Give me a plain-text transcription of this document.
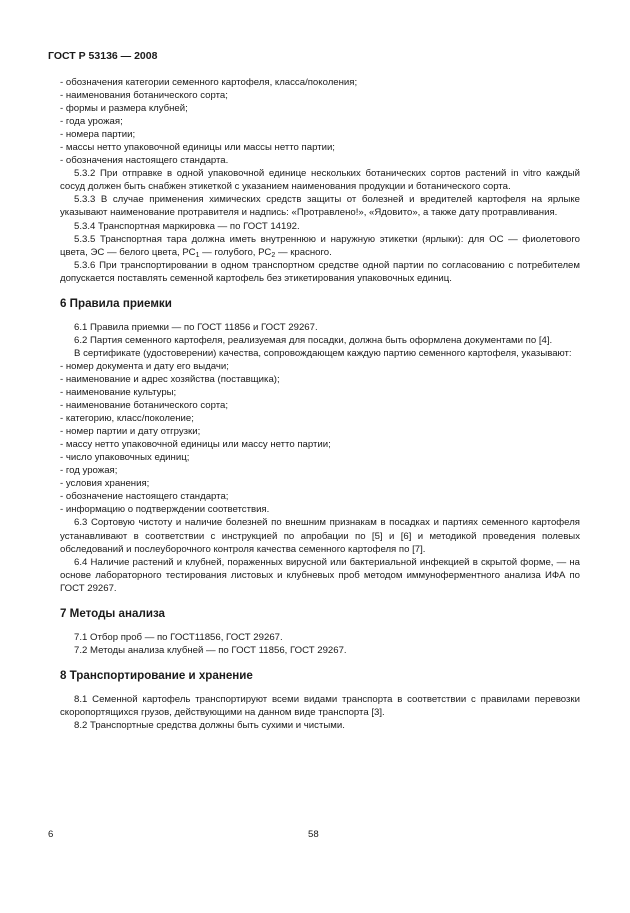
ГОСТ Р 53136 — 2008

- обозначения категории семенного картофеля, класса/поколения;

- наименования ботанического сорта;

- формы и размера клубней;

- года урожая;

- номера партии;

- массы нетто упаковочной единицы или массы нетто партии;

- обозначения настоящего стандарта.

5.3.2 При отправке в одной упаковочной единице нескольких ботанических сортов растений in vitro каждый сосуд должен быть снабжен этикеткой с указанием наименования продукции и ботанического сорта.

5.3.3 В случае применения химических средств защиты от болезней и вредителей картофеля на ярлыке указывают наименование протравителя и надпись: «Протравлено!», «Ядовито», а также дату протравливания.

5.3.4 Транспортная маркировка — по ГОСТ 14192.

5.3.5 Транспортная тара должна иметь внутреннюю и наружную этикетки (ярлыки): для ОС — фиолетового цвета, ЭС — белого цвета, $РС_1$ — голубого, $РС_2$ — красного.

5.3.6 При транспортировании в одном транспортном средстве одной партии по согласованию с потребителем допускается поставлять семенной картофель без этикетирования упаковочных единиц.

6 Правила приемки

6.1 Правила приемки — по ГОСТ 11856 и ГОСТ 29267.

6.2 Партия семенного картофеля, реализуемая для посадки, должна быть оформлена документами по [4].

В сертификате (удостоверении) качества, сопровождающем каждую партию семенного картофеля, указывают:

- номер документа и дату его выдачи;

- наименование и адрес хозяйства (поставщика);

- наименование культуры;

- наименование ботанического сорта;

- категорию, класс/поколение;

- номер партии и дату отгрузки;

- массу нетто упаковочной единицы или массу нетто партии;

- число упаковочных единиц;

- год урожая;

- условия хранения;

- обозначение настоящего стандарта;

- информацию о подтверждении соответствия.

6.3 Сортовую чистоту и наличие болезней по внешним признакам в посадках и партиях семенного картофеля устанавливают в соответствии с инструкцией по апробации по [5] и [6] и методикой проведения полевых обследований и послеуборочного контроля качества семенного картофеля по [7].

6.4 Наличие растений и клубней, пораженных вирусной или бактериальной инфекцией в скрытой форме, — на основе лабораторного тестирования листовых и клубневых проб методом иммуноферментного анализа ИФА по ГОСТ 29267.

7 Методы анализа

7.1 Отбор проб — по ГОСТ11856, ГОСТ 29267.

7.2 Методы анализа клубней — по ГОСТ 11856, ГОСТ 29267.

8 Транспортирование и хранение

8.1 Семенной картофель транспортируют всеми видами транспорта в соответствии с правилами перевозки скоропортящихся грузов, действующими на данном виде транспорта [3].

8.2 Транспортные средства должны быть сухими и чистыми.

6	58
